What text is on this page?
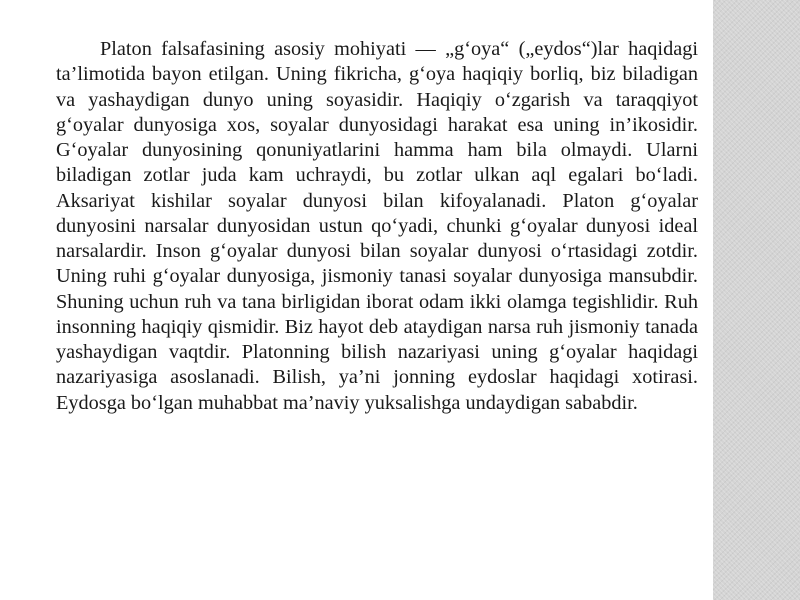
Platon falsafasining asosiy mohiyati — „g‘oya“ („eydos“)lar haqidagi ta’limotida bayon etilgan. Uning fikricha, g‘oya haqiqiy borliq, biz biladigan va yashaydigan dunyo uning soyasidir. Haqiqiy o‘zgarish va taraqqiyot g‘oyalar dunyosiga xos, soyalar dunyosidagi harakat esa uning in’ikosidir. G‘oyalar dunyosining qonuniyatlarini hamma ham bila olmaydi. Ularni biladigan zotlar juda kam uchraydi, bu zotlar ulkan aql egalari bo‘ladi. Aksariyat kishilar soyalar dunyosi bilan kifoyalanadi. Platon g‘oyalar dunyosini narsalar dunyosidan ustun qo‘yadi, chunki g‘oyalar dunyosi ideal narsalardir. Inson g‘oyalar dunyosi bilan soyalar dunyosi o‘rtasidagi zotdir. Uning ruhi g‘oyalar dunyosiga, jismoniy tanasi soyalar dunyosiga mansubdir. Shuning uchun ruh va tana birligidan iborat odam ikki olamga tegishlidir. Ruh insonning haqiqiy qismidir. Biz hayot deb ataydigan narsa ruh jismoniy tanada yashaydigan vaqtdir. Platonning bilish nazariyasi uning g‘oyalar haqidagi nazariyasiga asoslanadi. Bilish, ya’ni jonning eydoslar haqidagi xotirasi. Eydosga bo‘lgan muhabbat ma’naviy yuksalishga undaydigan sababdir.
